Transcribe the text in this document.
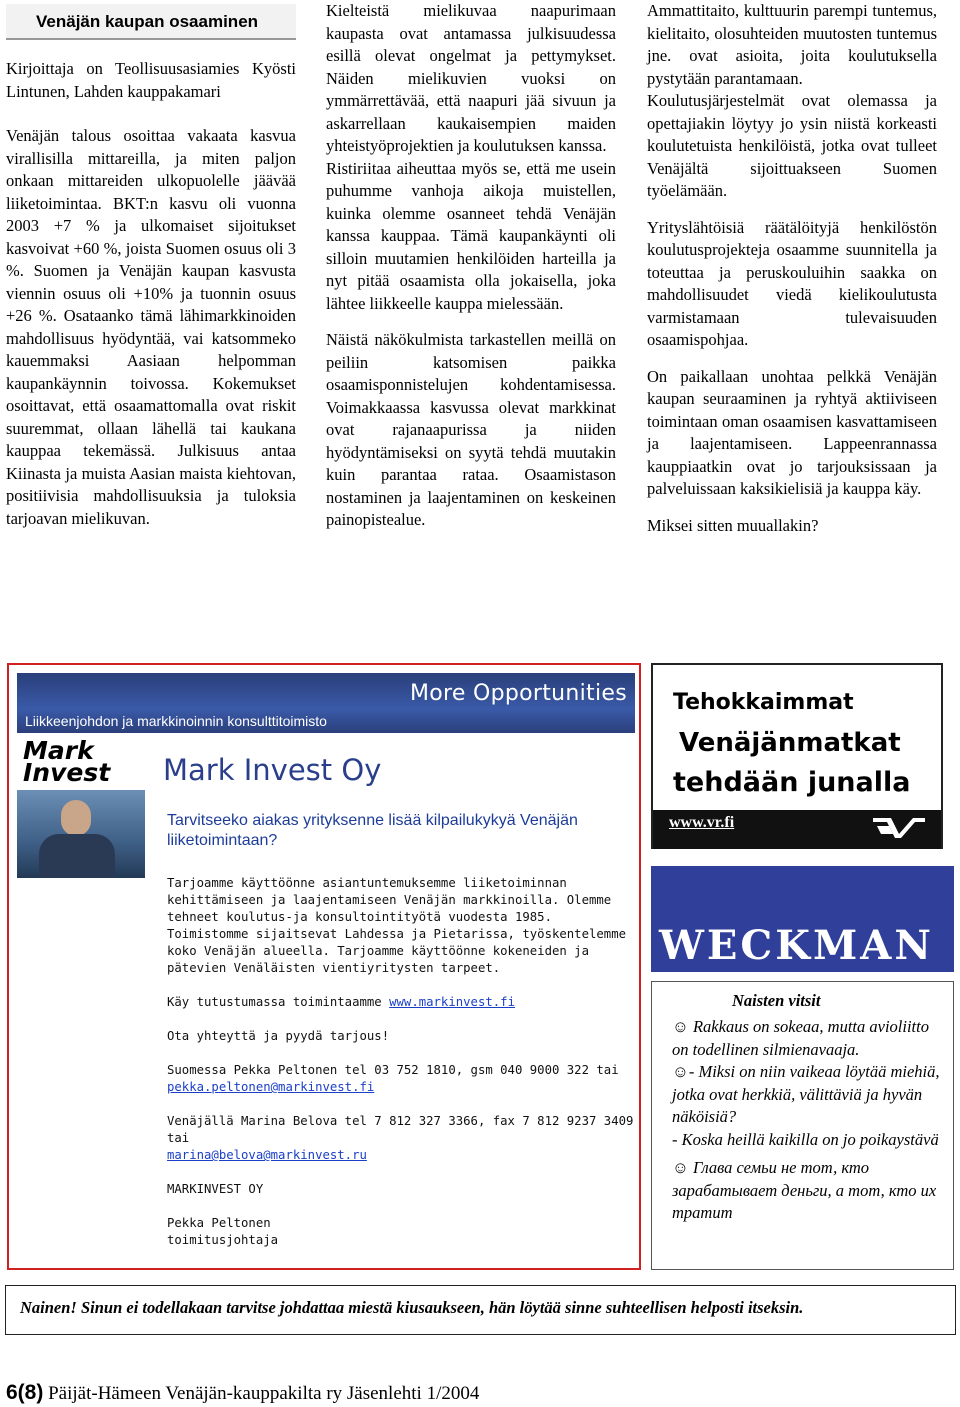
Venäjän kaupan osaaminen

Kirjoittaja on Teollisuusasiamies Kyösti Lintunen, Lahden kauppakamari

Venäjän talous osoittaa vakaata kasvua virallisilla mittareilla, ja miten paljon onkaan mittareiden ulkopuolelle jäävää liiketoimintaa. BKT:n kasvu oli vuonna 2003 +7 % ja ulkomaiset sijoitukset kasvoivat +60 %, joista Suomen osuus oli 3 %. Suomen ja Venäjän kaupan kasvusta viennin osuus oli +10% ja tuonnin osuus +26 %. Osataanko tämä lähimarkkinoiden mahdollisuus hyödyntää, vai katsommeko kauemmaksi Aasiaan helpomman kaupankäynnin toivossa. Kokemukset osoittavat, että osaamattomalla ovat riskit suuremmat, ollaan lähellä tai kaukana kauppaa tekemässä. Julkisuus antaa Kiinasta ja muista Aasian maista kiehtovan, positiivisia mahdollisuuksia ja tuloksia tarjoavan mielikuvan.

Kielteistä mielikuvaa naapurimaan kaupasta ovat antamassa julkisuudessa esillä olevat ongelmat ja pettymykset. Näiden mielikuvien vuoksi on ymmärrettävää, että naapuri jää sivuun ja askarrellaan kaukaisempien maiden yhteistyöprojektien ja koulutuksen kanssa.

Ristiriitaa aiheuttaa myös se, että me usein puhumme vanhoja aikoja muistellen, kuinka olemme osanneet tehdä Venäjän kanssa kauppaa. Tämä kaupankäynti oli silloin muutamien henkilöiden harteilla ja nyt pitää osaamista olla jokaisella, joka lähtee liikkeelle kauppa mielessään.

Näistä näkökulmista tarkastellen meillä on peiliin katsomisen paikka osaamisponnistelujen kohdentamisessa. Voimakkaassa kasvussa olevat markkinat ovat rajanaapurissa ja niiden hyödyntämiseksi on syytä tehdä muutakin kuin parantaa rataa. Osaamistason nostaminen ja laajentaminen on keskeinen painopistealue.

Ammattitaito, kulttuurin parempi tuntemus, kielitaito, olosuhteiden muutosten tuntemus jne. ovat asioita, joita koulutuksella pystytään parantamaan.

Koulutusjärjestelmät ovat olemassa ja opettajiakin löytyy jo ysin niistä korkeasti koulutetuista henkilöistä, jotka ovat tulleet Venäjältä sijoittuakseen Suomen työelämään.

Yrityslähtöisiä räätälöityjä henkilöstön koulutusprojekteja osaamme suunnitella ja toteuttaa ja peruskouluihin saakka on mahdollisuudet viedä kielikoulutusta varmistamaan tulevaisuuden osaamispohjaa.

On paikallaan unohtaa pelkkä Venäjän kaupan seuraaminen ja ryhtyä aktiiviseen toimintaan oman osaamisen kasvattamiseen ja laajentamiseen. Lappeenrannassa kauppiaatkin ovat jo tarjouksissaan ja palveluissaan kaksikielisiä ja kauppa käy.

Miksei sitten muuallakin?

More Opportunities
Liikkeenjohdon ja markkinoinnin konsulttitoimisto
Mark
Invest	Mark Invest Oy
Tarvitseeko aiakas yrityksenne lisää kilpailukykyä Venäjän liiketoimintaan?
Tarjoamme käyttöönne asiantuntemuksemme liiketoiminnan kehittämiseen ja laajentamiseen Venäjän markkinoilla. Olemme tehneet koulutus-ja konsultointityötä vuodesta 1985. Toimistomme sijaitsevat Lahdessa ja Pietarissa, työskentelemme koko Venäjän alueella. Tarjoamme käyttöönne kokeneiden ja pätevien Venäläisten vientiyritysten tarpeet.
Käy tutustumassa toimintaamme www.markinvest.fi
Ota yhteyttä ja pyydä tarjous!
Suomessa Pekka Peltonen tel 03 752 1810, gsm 040 9000 322 tai
pekka.peltonen@markinvest.fi
Venäjällä Marina Belova tel 7 812 327 3366, fax 7 812 9237 3409 tai
marina@belova@markinvest.ru
MARKINVEST OY
Pekka Peltonen
toimitusjohtaja
Tehokkaimmat
Venäjänmatkat
tehdään junalla
www.vr.fi
WECKMAN
Naisten vitsit

☺ Rakkaus on sokeaa, mutta avioliitto on todellinen silmienavaaja.

☺- Miksi on niin vaikeaa löytää miehiä, jotka ovat herkkiä, välittäviä ja hyvän näköisiä?

- Koska heillä kaikilla on jo poikaystävä

☺ Глава семьи не тот, кто зарабатывает деньги, а тот, кто их тратит

Nainen! Sinun ei todellakaan tarvitse johdattaa miestä kiusaukseen, hän löytää sinne suhteellisen helposti itseksin.
6(8) Päijät-Hämeen Venäjän-kauppakilta ry Jäsenlehti 1/2004
